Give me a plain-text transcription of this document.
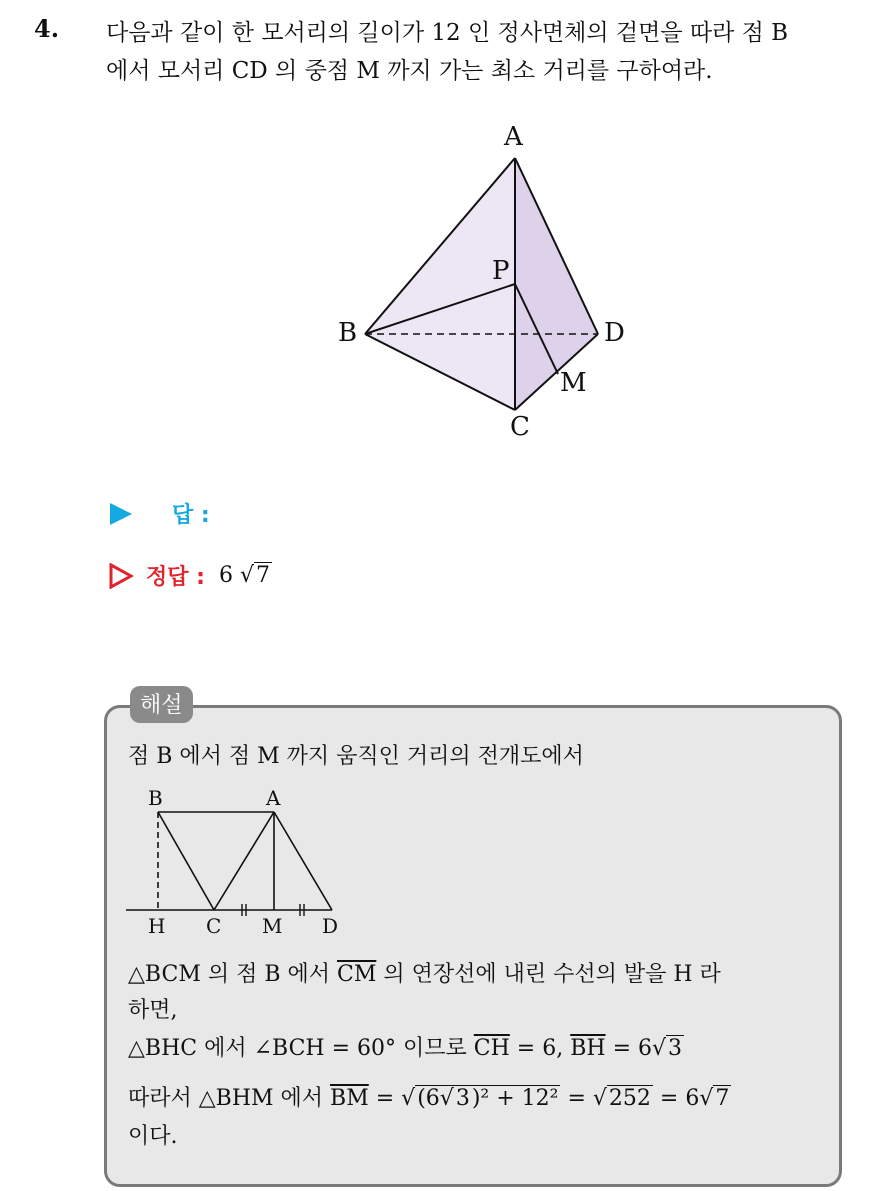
4. 다음과 같이 한 모서리의 길이가 12 인 정사면체의 겉면을 따라 점 B
에서 모서리 CD 의 중점 M 까지 가는 최소 거리를 구하여라.
A
B
C
D
P
M
답 :
정답 : 6 √7
해설
점 B 에서 점 M 까지 움직인 거리의 전개도에서
B	A
H C M D
△BCM 의 점 B 에서 $\overline{CM}$ 의 연장선에 내린 수선의 발을 H 라
하면,
△BHC 에서 ∠BCH = 60° 이므로 $\overline{CH} = 6$, $\overline{BH} = 6√3$
따라서 △BHM 에서 $\overline{BM} = √(6√3)^2 + 12^2 = √252 = 6√7$
이다.
